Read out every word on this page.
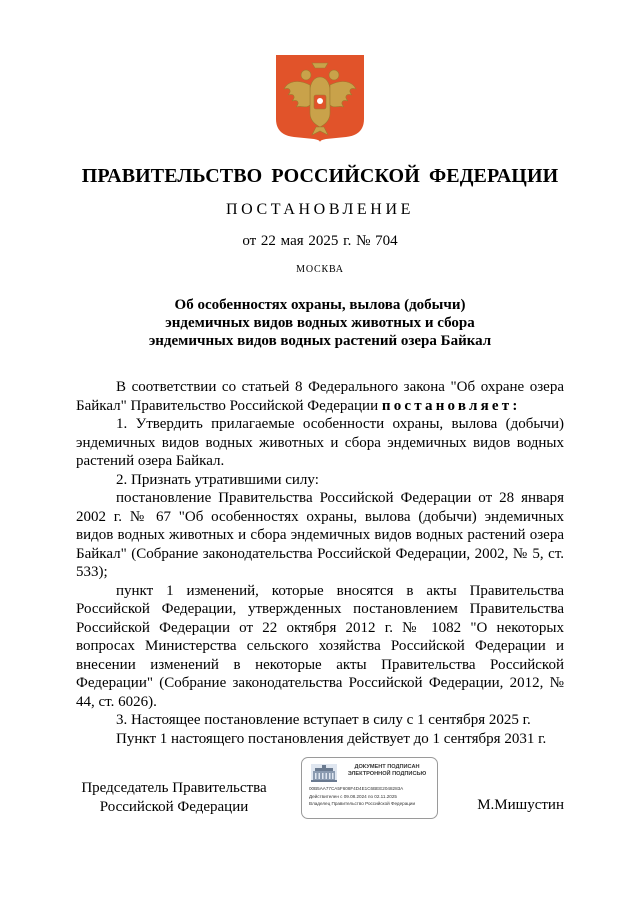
ПРАВИТЕЛЬСТВО РОССИЙСКОЙ ФЕДЕРАЦИИ
ПОСТАНОВЛЕНИЕ
от 22 мая 2025 г. № 704
МОСКВА
Об особенностях охраны, вылова (добычи)
эндемичных видов водных животных и сбора
эндемичных видов водных растений озера Байкал

В соответствии со статьей 8 Федерального закона "Об охране озера Байкал" Правительство Российской Федерации постановляет:

1. Утвердить прилагаемые особенности охраны, вылова (добычи) эндемичных видов водных животных и сбора эндемичных видов водных растений озера Байкал.

2. Признать утратившими силу:

постановление Правительства Российской Федерации от 28 января 2002 г. № 67 "Об особенностях охраны, вылова (добычи) эндемичных видов водных животных и сбора эндемичных видов водных растений озера Байкал" (Собрание законодательства Российской Федерации, 2002, № 5, ст. 533);

пункт 1 изменений, которые вносятся в акты Правительства Российской Федерации, утвержденных постановлением Правительства Российской Федерации от 22 октября 2012 г. № 1082 "О некоторых вопросах Министерства сельского хозяйства Российской Федерации и внесении изменений в некоторые акты Правительства Российской Федерации" (Собрание законодательства Российской Федерации, 2012, № 44, ст. 6026).

3. Настоящее постановление вступает в силу с 1 сентября 2025 г.

Пункт 1 настоящего постановления действует до 1 сентября 2031 г.

Председатель Правительства
Российской Федерации
ДОКУМЕНТ ПОДПИСАН
ЭЛЕКТРОННОЙ ПОДПИСЬЮ
00B5AA77CA5F608F4D4E1C6BEE2048283A
Действителен с 09.08.2024 по 02.11.2025
Владелец Правительство Российской Федерации	М.Мишустин
